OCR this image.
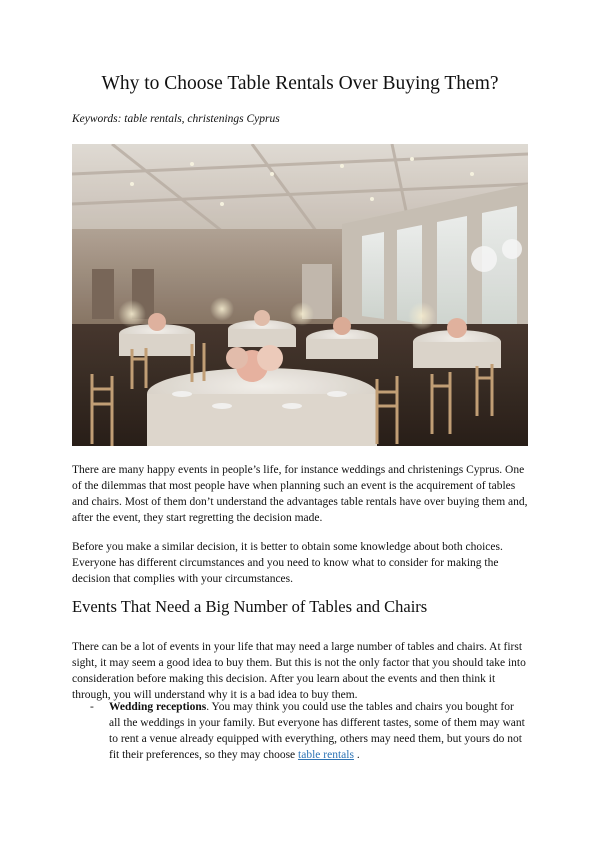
Why to Choose Table Rentals Over Buying Them?

Keywords: table rentals, christenings Cyprus

There are many happy events in people’s life, for instance weddings and christenings Cyprus. One of the dilemmas that most people have when planning such an event is the acquirement of tables and chairs. Most of them don’t understand the advantages table rentals have over buying them and, after the event, they start regretting the decision made.

Before you make a similar decision, it is better to obtain some knowledge about both choices. Everyone has different circumstances and you need to know what to consider for making the decision that complies with your circumstances.

Events That Need a Big Number of Tables and Chairs

There can be a lot of events in your life that may need a large number of tables and chairs. At first sight, it may seem a good idea to buy them. But this is not the only factor that you should take into consideration before making this decision. After you learn about the events and then think it through, you will understand why it is a bad idea to buy them.

- Wedding receptions. You may think you could use the tables and chairs you bought for all the weddings in your family. But everyone has different tastes, some of them may want to rent a venue already equipped with everything, others may need them, but yours do not fit their preferences, so they may choose table rentals .
